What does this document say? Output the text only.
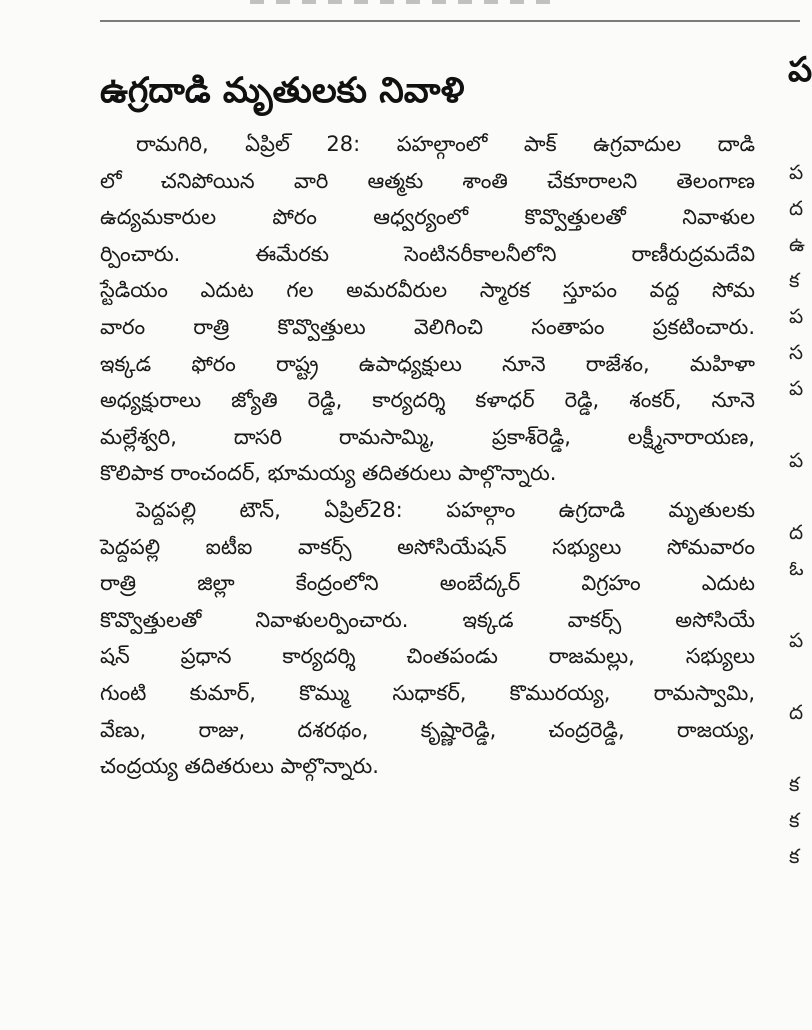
ఉగ్రదాడి మృతులకు నివాళి
రామగిరి, ఏప్రిల్ 28: పహల్గాంలో పాక్ ఉగ్రవాదుల దాడి
లో చనిపోయిన వారి ఆత్మకు శాంతి చేకూరాలని తెలంగాణ
ఉద్యమకారుల పోరం ఆధ్వర్యంలో కొవ్వొత్తులతో నివాళుల
ర్పించారు. ఈమేరకు సెంటినరీకాలనీలోని రాణీరుద్రమదేవి
స్టేడియం ఎదుట గల అమరవీరుల స్మారక స్తూపం వద్ద సోమ
వారం రాత్రి కొవ్వొత్తులు వెలిగించి సంతాపం ప్రకటించారు.
ఇక్కడ ఫోరం రాష్ట్ర ఉపాధ్యక్షులు నూనె రాజేశం, మహిళా
అధ్యక్షురాలు జ్యోతి రెడ్డి, కార్యదర్శి కళాధర్ రెడ్డి, శంకర్, నూనె
మల్లేశ్వరి, దాసరి రామసామ్మి, ప్రకాశ్‌రెడ్డి, లక్ష్మీనారాయణ,
కొలిపాక రాంచందర్, భూమయ్య తదితరులు పాల్గొన్నారు.
పెద్దపల్లి టౌన్, ఏప్రిల్28: పహల్గాం ఉగ్రదాడి మృతులకు
పెద్దపల్లి ఐటీఐ వాకర్స్ అసోసియేషన్ సభ్యులు సోమవారం
రాత్రి జిల్లా కేంద్రంలోని అంబేద్కర్ విగ్రహం ఎదుట
కొవ్వొత్తులతో నివాళులర్పించారు. ఇక్కడ వాకర్స్ అసోసియే
షన్ ప్రధాన కార్యదర్శి చింతపండు రాజమల్లు, సభ్యులు
గుంటి కుమార్, కొమ్ము సుధాకర్, కొమురయ్య, రామస్వామి,
వేణు, రాజు, దశరథం, కృష్ణారెడ్డి, చంద్రరెడ్డి, రాజయ్య,
చంద్రయ్య తదితరులు పాల్గొన్నారు.
ప
ప
ద
ఉ
క
ప
స
ప
ప
ద
ఓ
ప
ద
క
క
క
